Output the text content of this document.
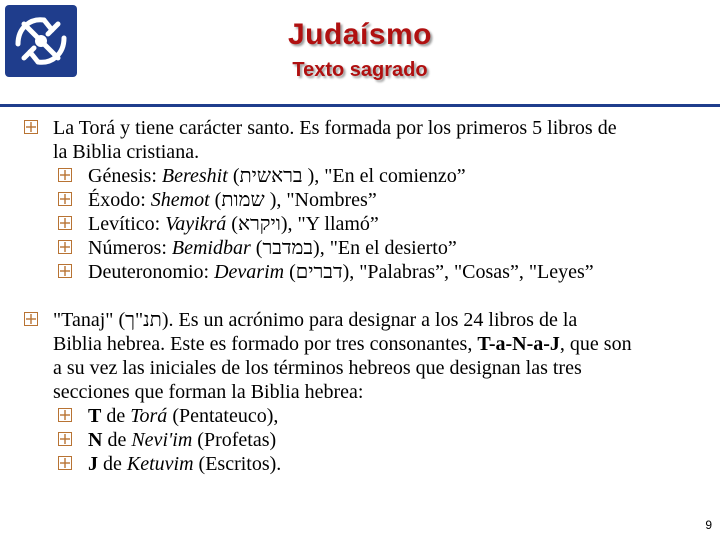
Judaísmo
Texto sagrado
La Torá y tiene carácter santo. Es formada por los primeros 5 libros de
la Biblia cristiana.
Génesis: Bereshit (בראשית ), "En el comienzo”
Éxodo: Shemot (שמות ), "Nombres”
Levítico: Vayikrá (ויקרא), "Y llamó”
Números: Bemidbar (במדבר), "En el desierto”
Deuteronomio: Devarim (דברים), "Palabras”, "Cosas”, "Leyes”
"Tanaj" (תנ"ך). Es un acrónimo para designar a los 24 libros de la
Biblia hebrea. Este es formado por tres consonantes, T-a-N-a-J, que son
a su vez las iniciales de los términos hebreos que designan las tres
secciones que forman la Biblia hebrea:
T de Torá (Pentateuco),
N de Nevi'im (Profetas)
J de Ketuvim (Escritos).
9
